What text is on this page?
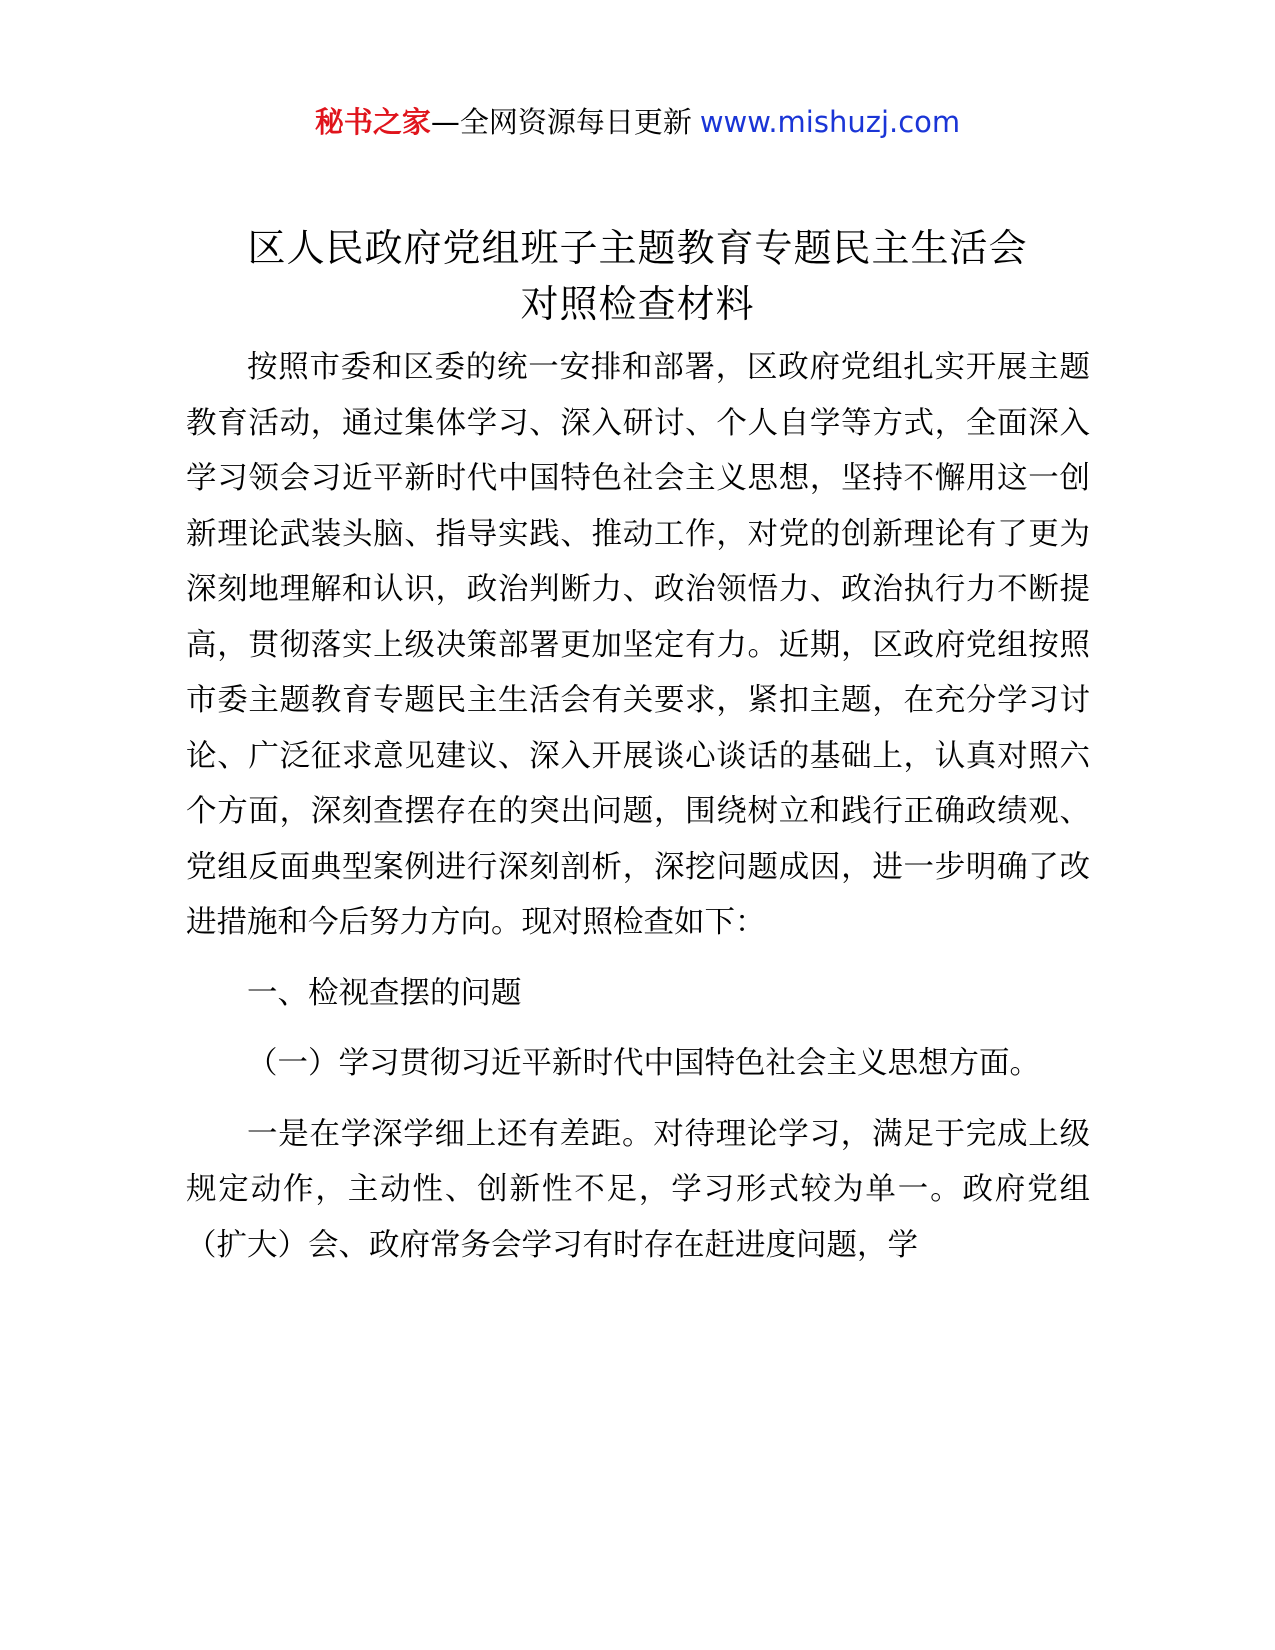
秘书之家—全网资源每日更新 www.mishuzj.com
区人民政府党组班子主题教育专题民主生活会
对照检查材料

按照市委和区委的统一安排和部署，区政府党组扎实开展主题教育活动，通过集体学习、深入研讨、个人自学等方式，全面深入学习领会习近平新时代中国特色社会主义思想，坚持不懈用这一创新理论武装头脑、指导实践、推动工作，对党的创新理论有了更为深刻地理解和认识，政治判断力、政治领悟力、政治执行力不断提高，贯彻落实上级决策部署更加坚定有力。近期，区政府党组按照市委主题教育专题民主生活会有关要求，紧扣主题，在充分学习讨论、广泛征求意见建议、深入开展谈心谈话的基础上，认真对照六个方面，深刻查摆存在的突出问题，围绕树立和践行正确政绩观、党组反面典型案例进行深刻剖析，深挖问题成因，进一步明确了改进措施和今后努力方向。现对照检查如下：

一、检视查摆的问题

（一）学习贯彻习近平新时代中国特色社会主义思想方面。

一是在学深学细上还有差距。对待理论学习，满足于完成上级规定动作，主动性、创新性不足，学习形式较为单一。政府党组（扩大）会、政府常务会学习有时存在赶进度问题，学
